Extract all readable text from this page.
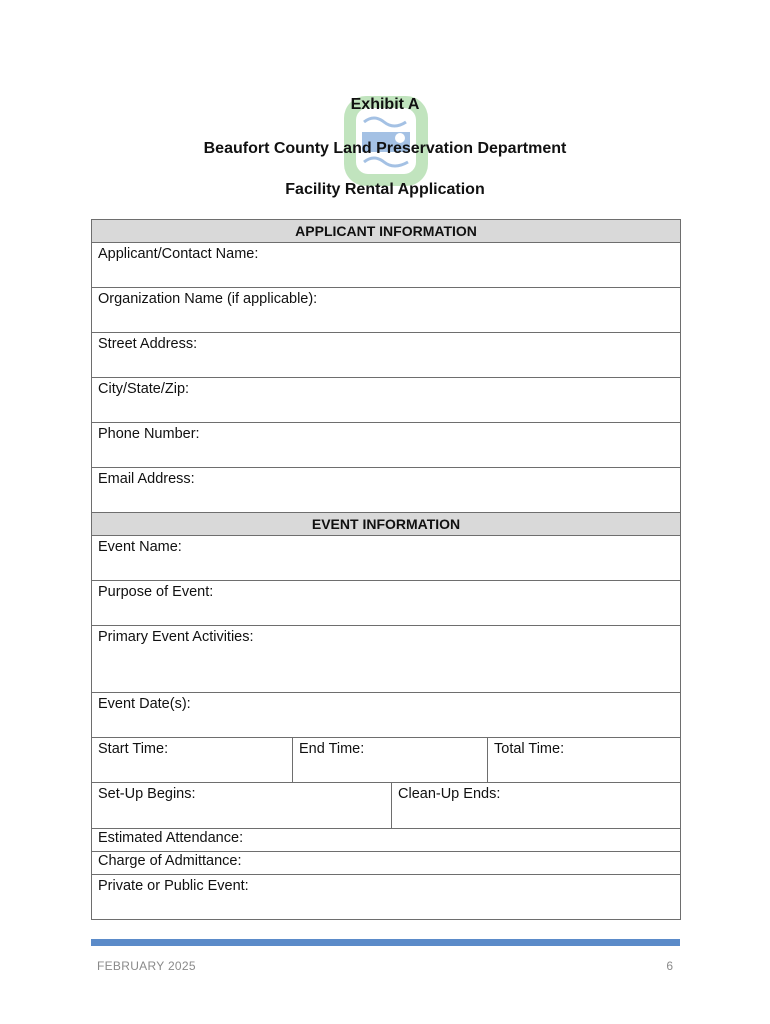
Exhibit A
Beaufort County Land Preservation Department
Facility Rental Application
APPLICANT INFORMATION			
Applicant/Contact Name:			
Organization Name (if applicable):			
Street Address:			
City/State/Zip:			
Phone Number:			
Email Address:			
EVENT INFORMATION			
Event Name:			
Purpose of Event:			
Primary Event Activities:			
Event Date(s):			
Start Time:	End Time:		Total Time:
Set-Up Begins:		Clean-Up Ends:	
Estimated Attendance:			
Charge of Admittance:			
Private or Public Event:			
FEBRUARY 2025	6
